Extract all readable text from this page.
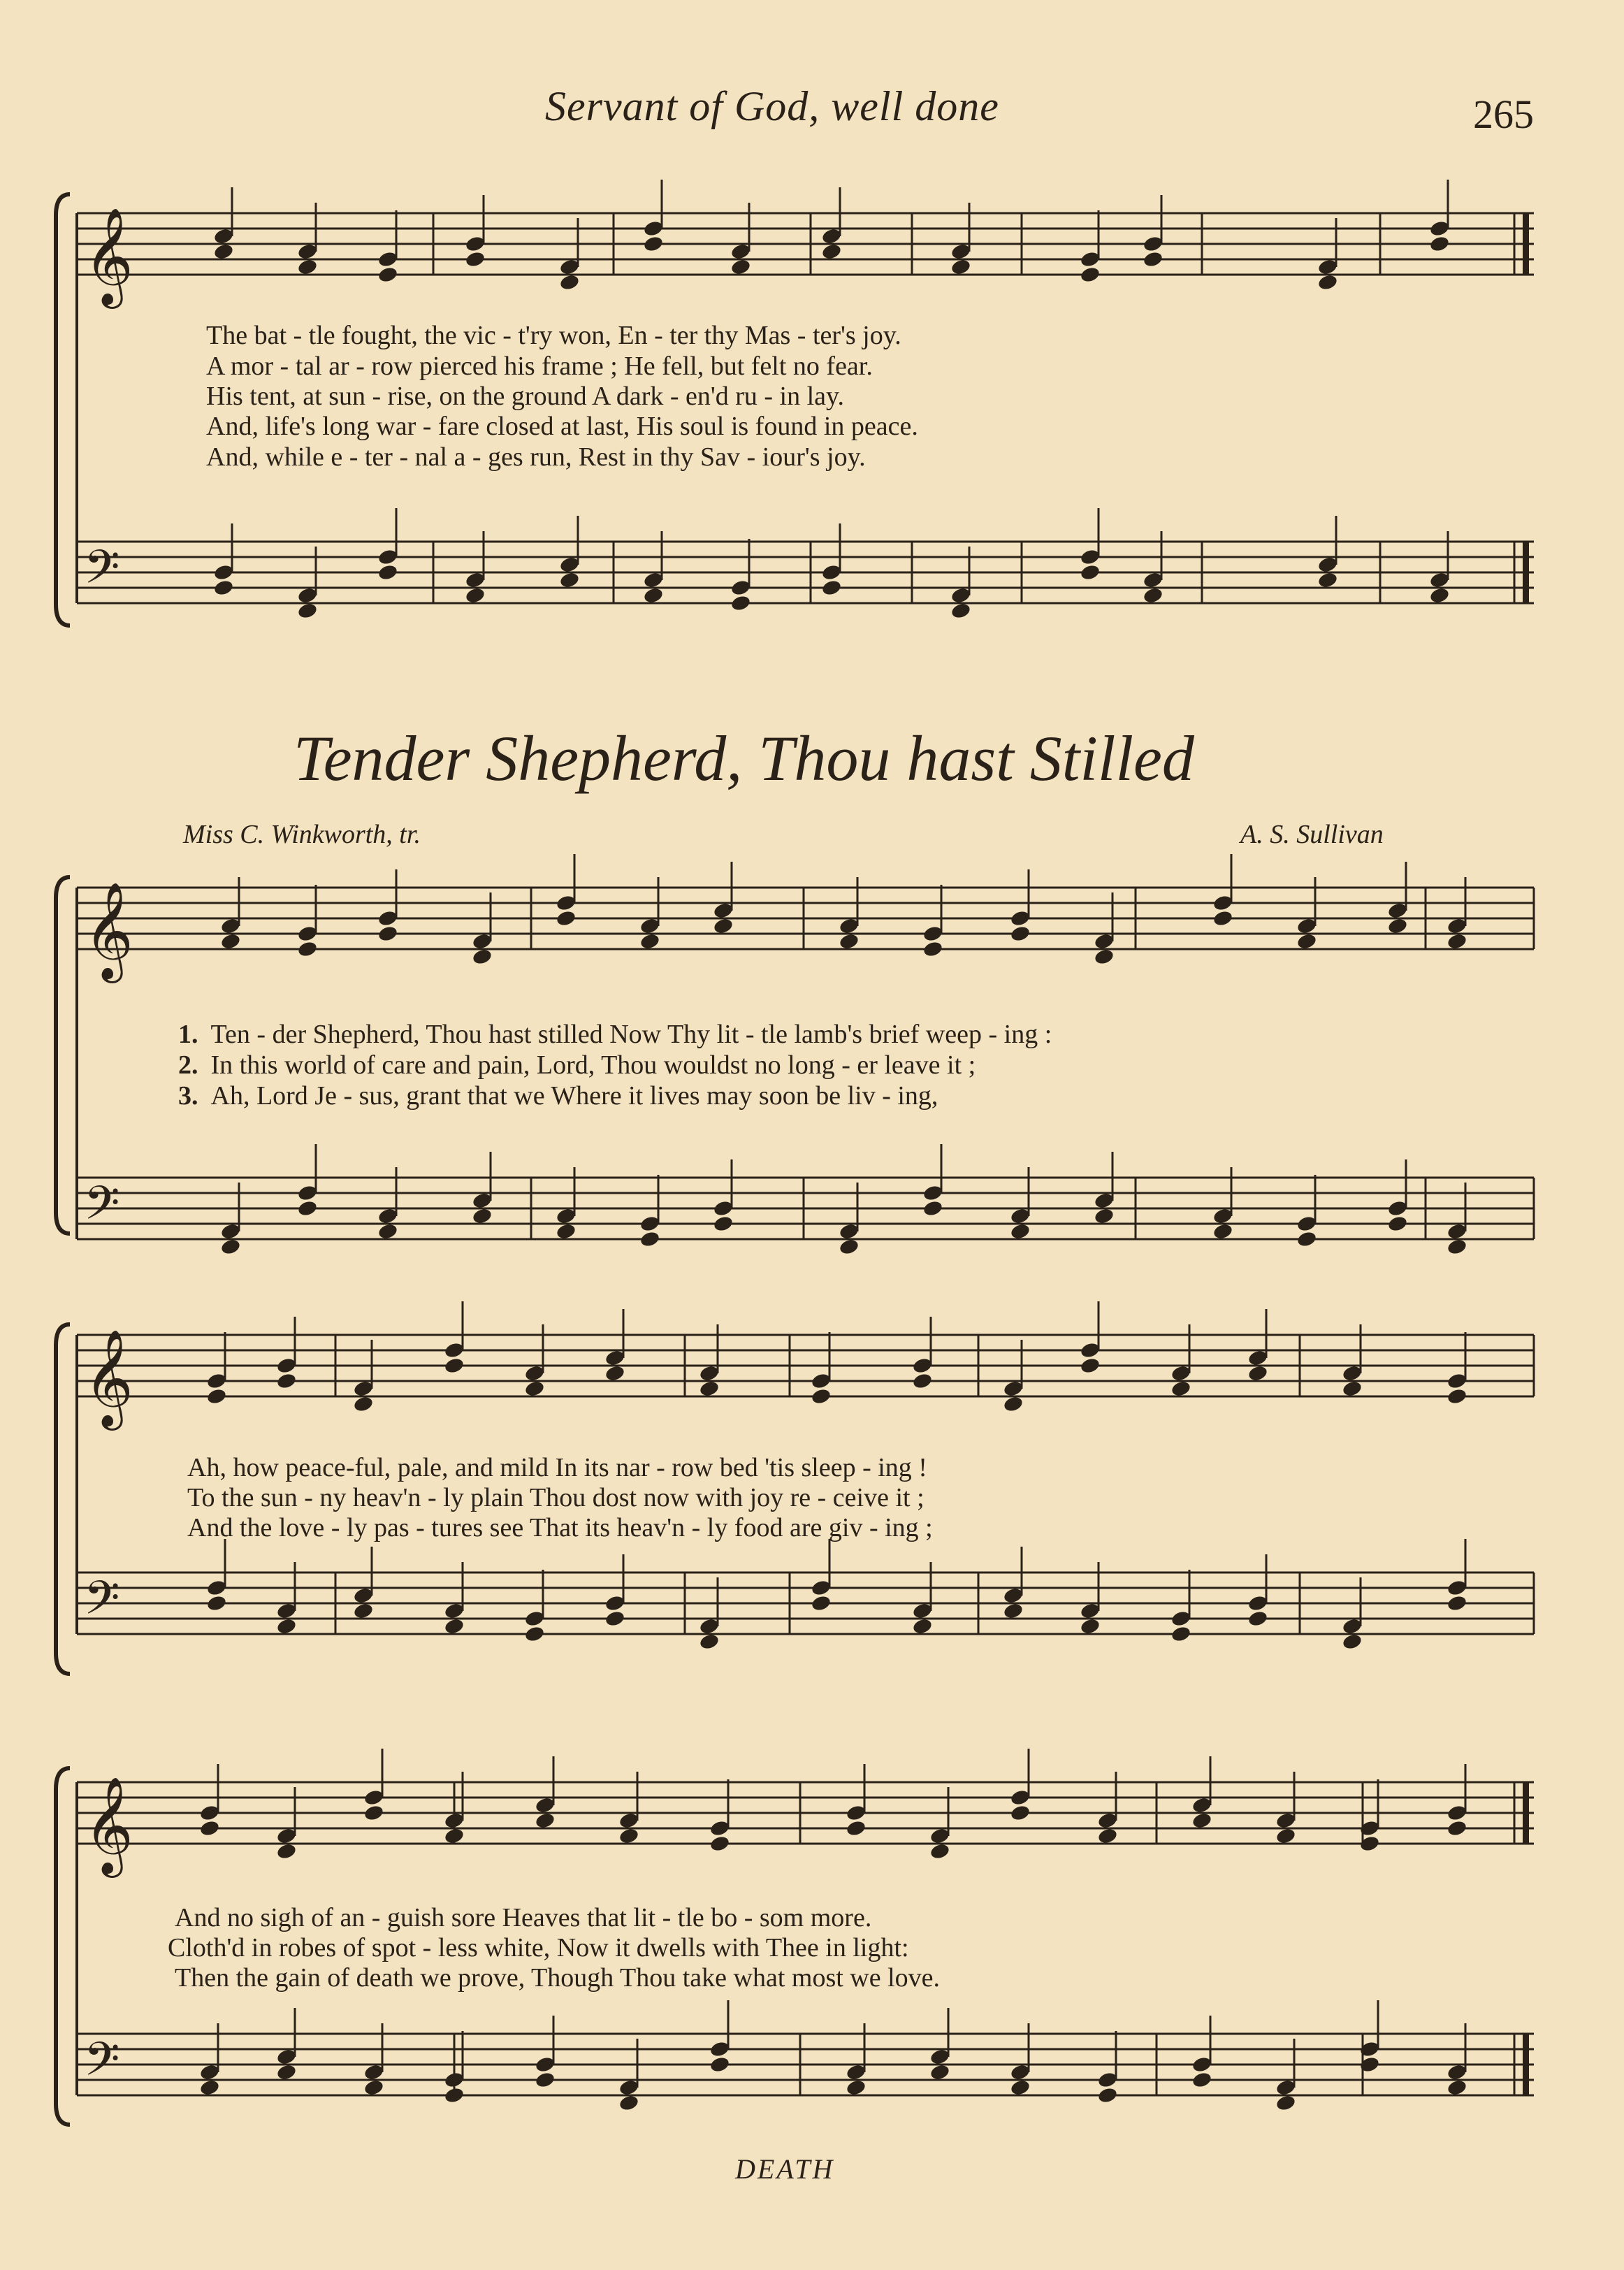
Servant of God, well done	265
𝄞
𝄢
𝄞
𝄢
𝄞
𝄢
𝄞
𝄢
The bat - tle fought, the vic - t'ry won, En - ter thy Mas - ter's joy.
A mor - tal ar - row pierced his frame ; He fell, but felt no fear.
His tent, at sun - rise, on the ground A dark - en'd ru - in lay.
And, life's long war - fare closed at last, His soul is found in peace.
And, while e - ter - nal a - ges run, Rest in thy Sav - iour's joy.
Tender Shepherd, Thou hast Stilled
Miss C. Winkworth, tr.	A. S. Sullivan
1. Ten - der Shepherd, Thou hast stilled Now Thy lit - tle lamb's brief weep - ing :
2. In this world of care and pain, Lord, Thou wouldst no long - er leave it ;
3. Ah, Lord Je - sus, grant that we Where it lives may soon be liv - ing,
Ah, how peace-ful, pale, and mild In its nar - row bed 'tis sleep - ing !
To the sun - ny heav'n - ly plain Thou dost now with joy re - ceive it ;
And the love - ly pas - tures see That its heav'n - ly food are giv - ing ;
And no sigh of an - guish sore Heaves that lit - tle bo - som more.
Cloth'd in robes of spot - less white, Now it dwells with Thee in light:
Then the gain of death we prove, Though Thou take what most we love.
DEATH
